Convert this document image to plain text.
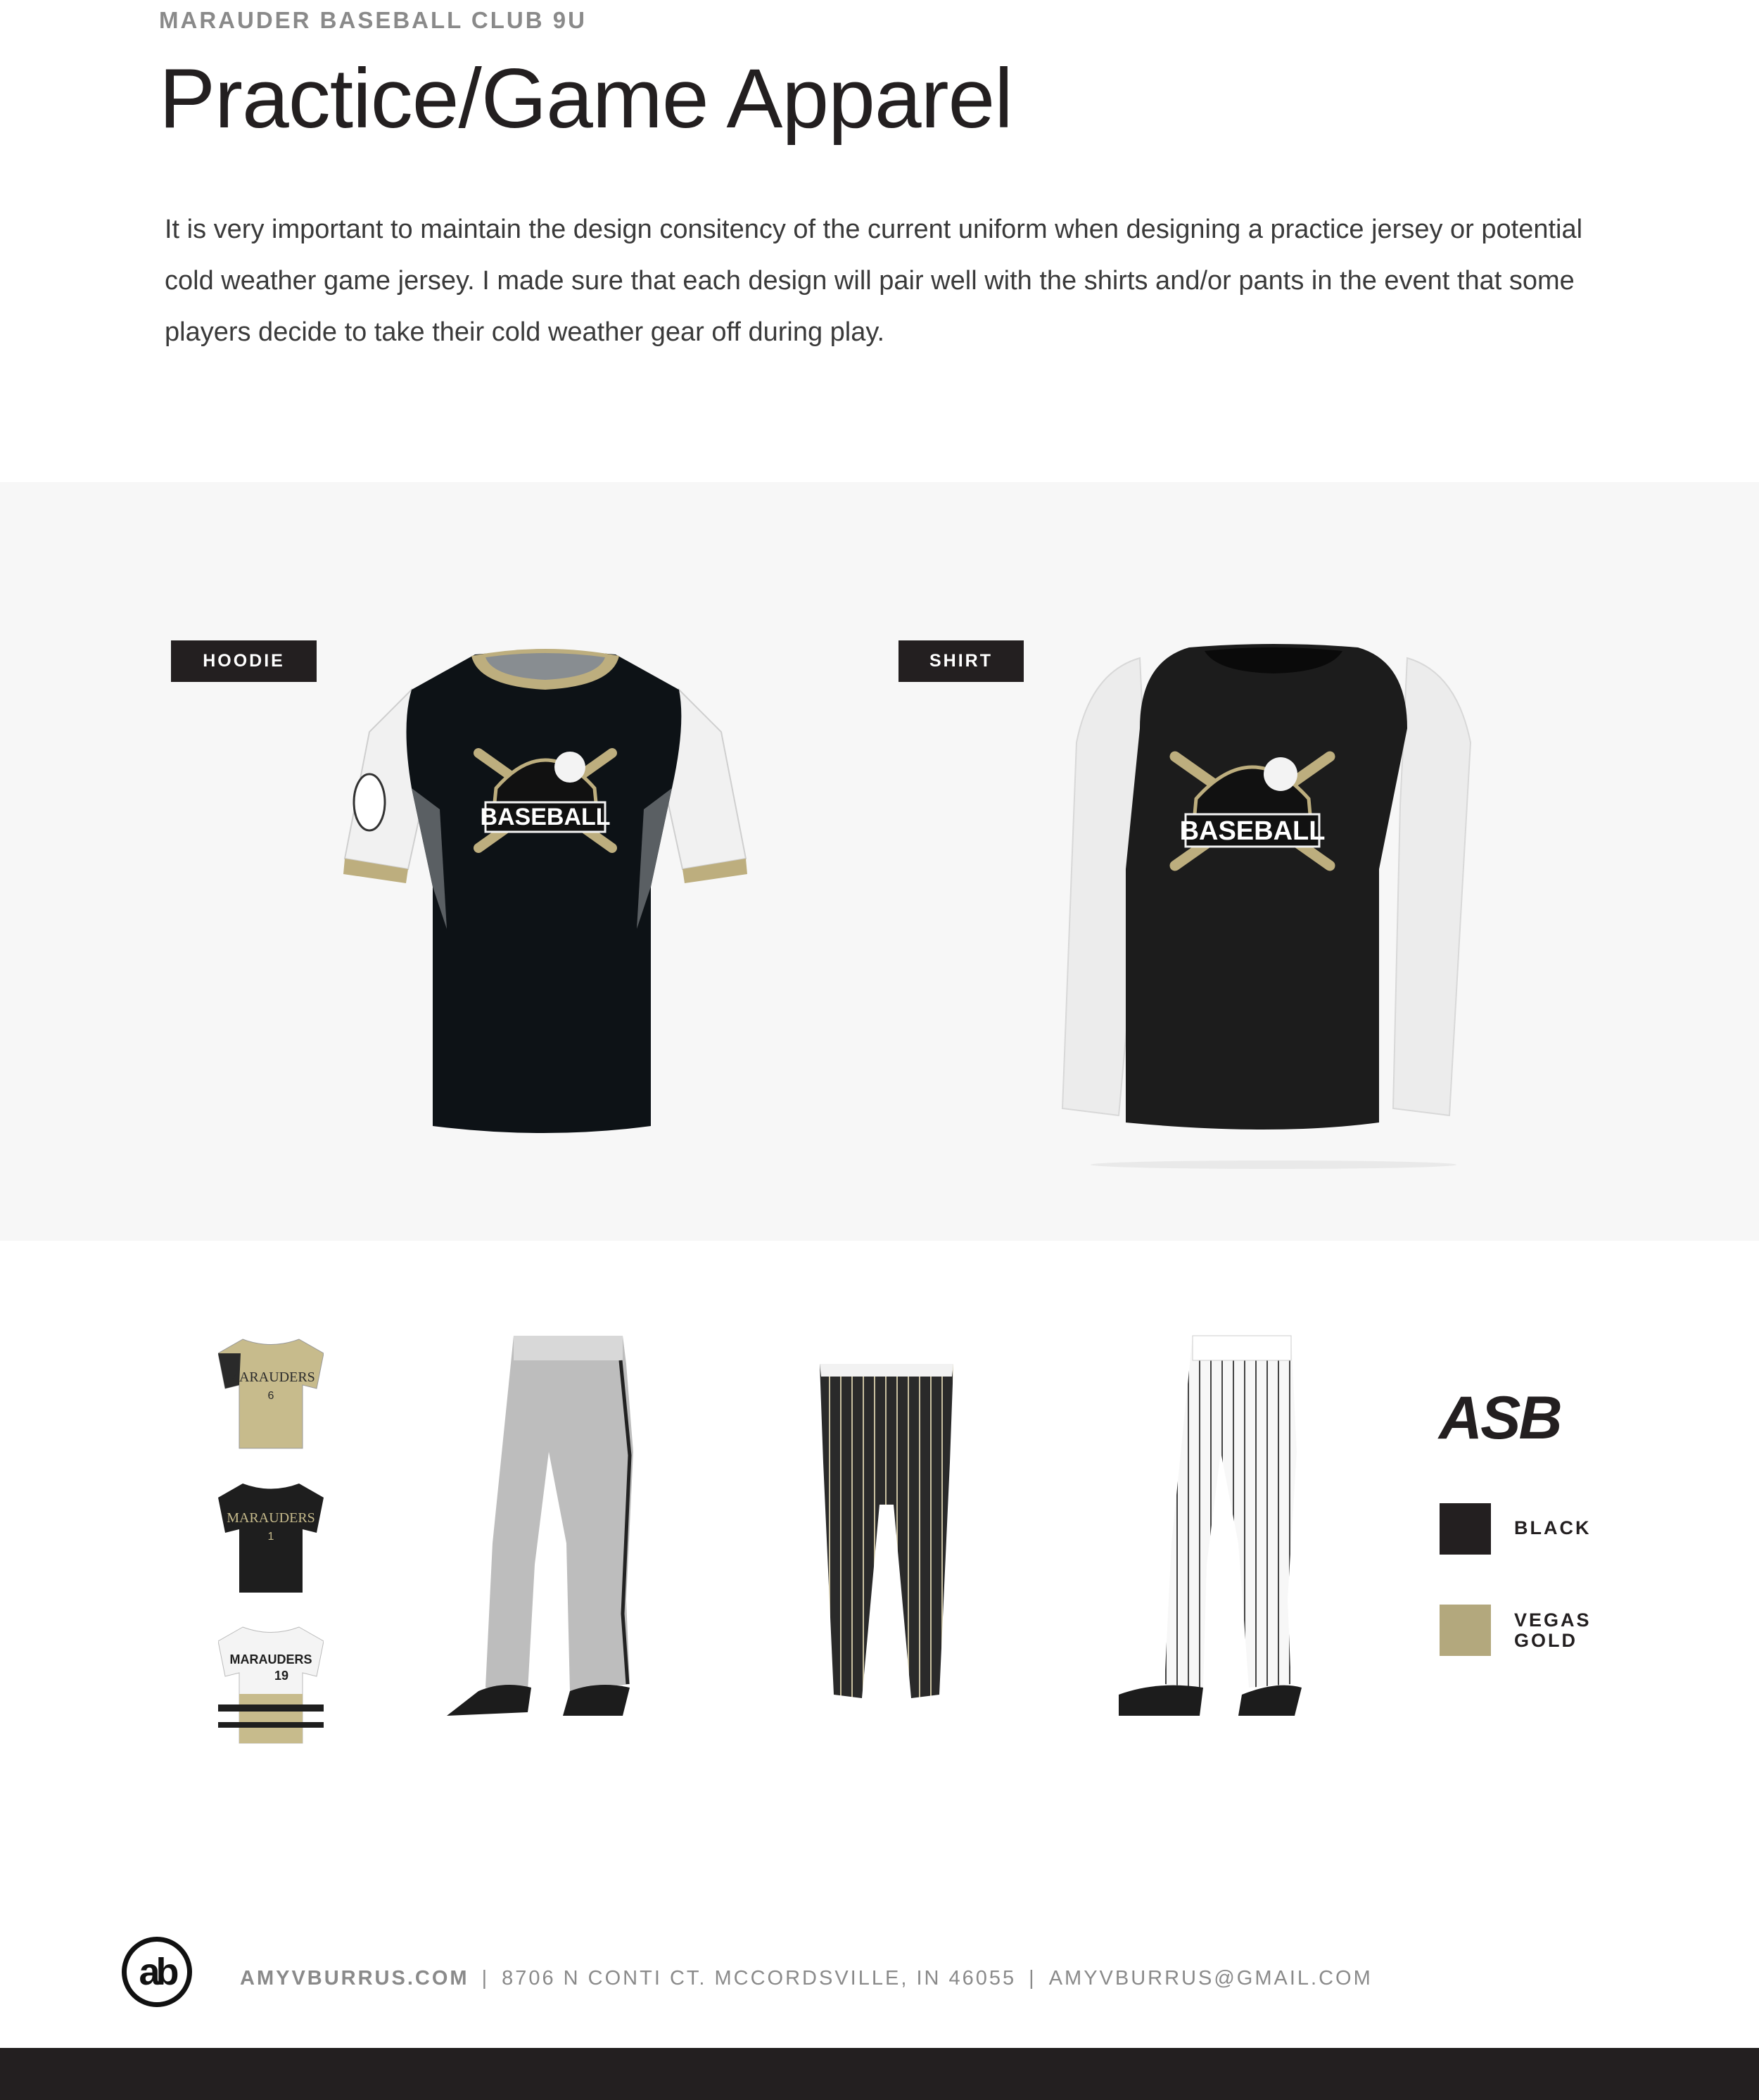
MARAUDER BASEBALL CLUB 9U
Practice/Game Apparel
It is very important to maintain the design consitency of the current uniform when designing a practice jersey or potential cold weather game jersey. I made sure that each design will pair well with the shirts and/or pants in the event that some players decide to take their cold weather gear off during play.
HOODIE	SHIRT
BASEBALL	BASEBALL
MARAUDERS
6
MARAUDERS
1
MARAUDERS
19
ASB
BLACK
VEGAS GOLD
ab	AMYVBURRUS.COM | 8706 N CONTI CT. MCCORDSVILLE, IN 46055 | AMYVBURRUS@GMAIL.COM
